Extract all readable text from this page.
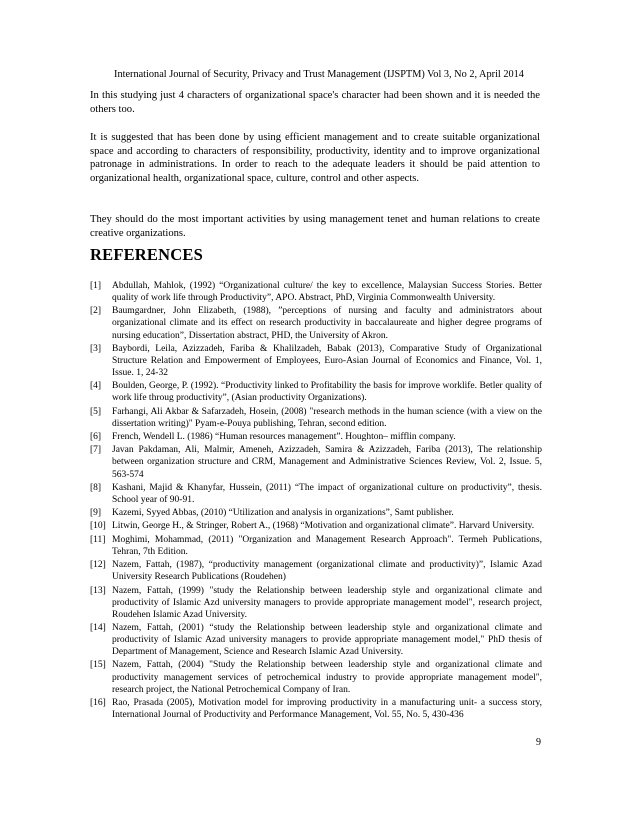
International Journal of Security, Privacy and Trust Management (IJSPTM) Vol 3, No 2, April 2014

In this studying just 4 characters of organizational space's character had been shown and it is needed the others too.

It is suggested that has been done by using efficient management and to create suitable organizational space and according to characters of responsibility, productivity, identity and to improve organizational patronage in administrations. In order to reach to the adequate leaders it should be paid attention to organizational health, organizational space, culture, control and other aspects.

They should do the most important activities by using management tenet and human relations to create creative organizations.

REFERENCES
[1]	Abdullah, Mahlok, (1992) “Organizational culture/ the key to excellence, Malaysian Success Stories. Better quality of work life through Productivity”, APO. Abstract, PhD, Virginia Commonwealth University.
[2]	Baumgardner, John Elizabeth, (1988), ”perceptions of nursing and faculty and administrators about organizational climate and its effect on research productivity in baccalaureate and higher degree programs of nursing education”, Dissertation abstract, PHD, the University of Akron.
[3]	Baybordi, Leila, Azizzadeh, Fariba & Khalilzadeh, Babak (2013), Comparative Study of Organizational Structure Relation and Empowerment of Employees, Euro-Asian Journal of Economics and Finance, Vol. 1, Issue. 1, 24-32
[4]	Boulden, George, P. (1992). “Productivity linked to Profitability the basis for improve worklife. Betler quality of work life throug productivity”, (Asian productivity Organizations).
[5]	Farhangi, Ali Akbar & Safarzadeh, Hosein, (2008) "research methods in the human science (with a view on the dissertation writing)" Pyam-e-Pouya publishing, Tehran, second edition.
[6]	French, Wendell L. (1986) “Human resources management”. Houghton– mifflin company.
[7]	Javan Pakdaman, Ali, Malmir, Ameneh, Azizzadeh, Samira & Azizzadeh, Fariba (2013), The relationship between organization structure and CRM, Management and Administrative Sciences Review, Vol. 2, Issue. 5, 563-574
[8]	Kashani, Majid & Khanyfar, Hussein, (2011) “The impact of organizational culture on productivity”, thesis. School year of 90-91.
[9]	Kazemi, Syyed Abbas, (2010) “Utilization and analysis in organizations”, Samt publisher.
[10] Litwin, George H., & Stringer, Robert A., (1968) “Motivation and organizational climate”. Harvard University.
[11] Moghimi, Mohammad, (2011) "Organization and Management Research Approach". Termeh Publications, Tehran, 7th Edition.
[12] Nazem, Fattah, (1987), “productivity management (organizational climate and productivity)”, Islamic Azad University Research Publications (Roudehen)
[13] Nazem, Fattah, (1999) "study the Relationship between leadership style and organizational climate and productivity of Islamic Azd university managers to provide appropriate management model", research project, Roudehen Islamic Azad University.
[14] Nazem, Fattah, (2001) “study the Relationship between leadership style and organizational climate and productivity of Islamic Azad university managers to provide appropriate management model," PhD thesis of Department of Management, Science and Research Islamic Azad University.
[15] Nazem, Fattah, (2004) "Study the Relationship between leadership style and organizational climate and productivity management services of petrochemical industry to provide appropriate management model", research project, the National Petrochemical Company of Iran.
[16] Rao, Prasada (2005), Motivation model for improving productivity in a manufacturing unit- a success story, International Journal of Productivity and Performance Management, Vol. 55, No. 5, 430-436
9
